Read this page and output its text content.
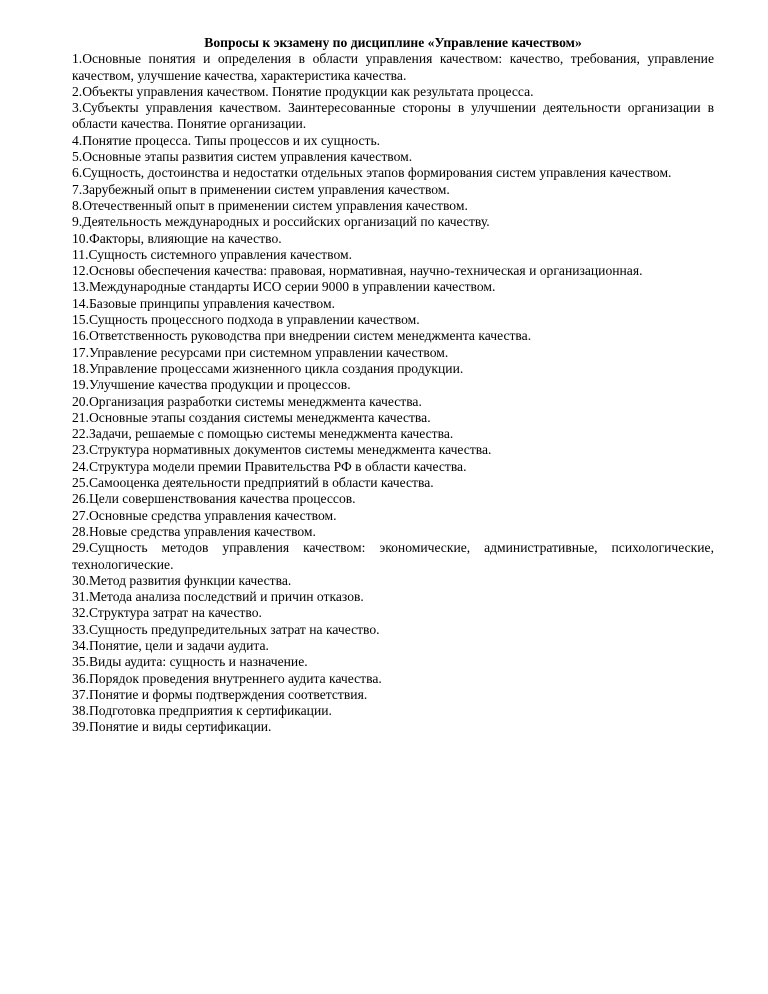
Вопросы к экзамену по дисциплине «Управление качеством»

1.Основные понятия и определения в области управления качеством: качество, требования, управление качеством, улучшение качества, характеристика качества.

2.Объекты управления качеством. Понятие продукции как результата процесса.

3.Субъекты управления качеством. Заинтересованные стороны в улучшении деятельности организации в области качества. Понятие организации.

4.Понятие процесса. Типы процессов и их сущность.

5.Основные этапы развития систем управления качеством.

6.Сущность, достоинства и недостатки отдельных этапов формирования систем управления качеством.

7.Зарубежный опыт в применении систем управления качеством.

8.Отечественный опыт в применении систем управления качеством.

9.Деятельность международных и российских организаций по качеству.

10.Факторы, влияющие на качество.

11.Сущность системного управления качеством.

12.Основы обеспечения качества: правовая, нормативная, научно-техническая и организационная.

13.Международные стандарты ИСО серии 9000 в управлении качеством.

14.Базовые принципы управления качеством.

15.Сущность процессного подхода в управлении качеством.

16.Ответственность руководства при внедрении систем менеджмента качества.

17.Управление ресурсами при системном управлении качеством.

18.Управление процессами жизненного цикла создания продукции.

19.Улучшение качества продукции и процессов.

20.Организация разработки системы менеджмента качества.

21.Основные этапы создания системы менеджмента качества.

22.Задачи, решаемые с помощью системы менеджмента качества.

23.Структура нормативных документов системы менеджмента качества.

24.Структура модели премии Правительства РФ в области качества.

25.Самооценка деятельности предприятий в области качества.

26.Цели совершенствования качества процессов.

27.Основные средства управления качеством.

28.Новые средства управления качеством.

29.Сущность методов управления качеством: экономические, административные, психологические, технологические.

30.Метод развития функции качества.

31.Метода анализа последствий и причин отказов.

32.Структура затрат на качество.

33.Сущность предупредительных затрат на качество.

34.Понятие, цели и задачи аудита.

35.Виды аудита: сущность и назначение.

36.Порядок проведения внутреннего аудита качества.

37.Понятие и формы подтверждения соответствия.

38.Подготовка предприятия к сертификации.

39.Понятие и виды сертификации.
